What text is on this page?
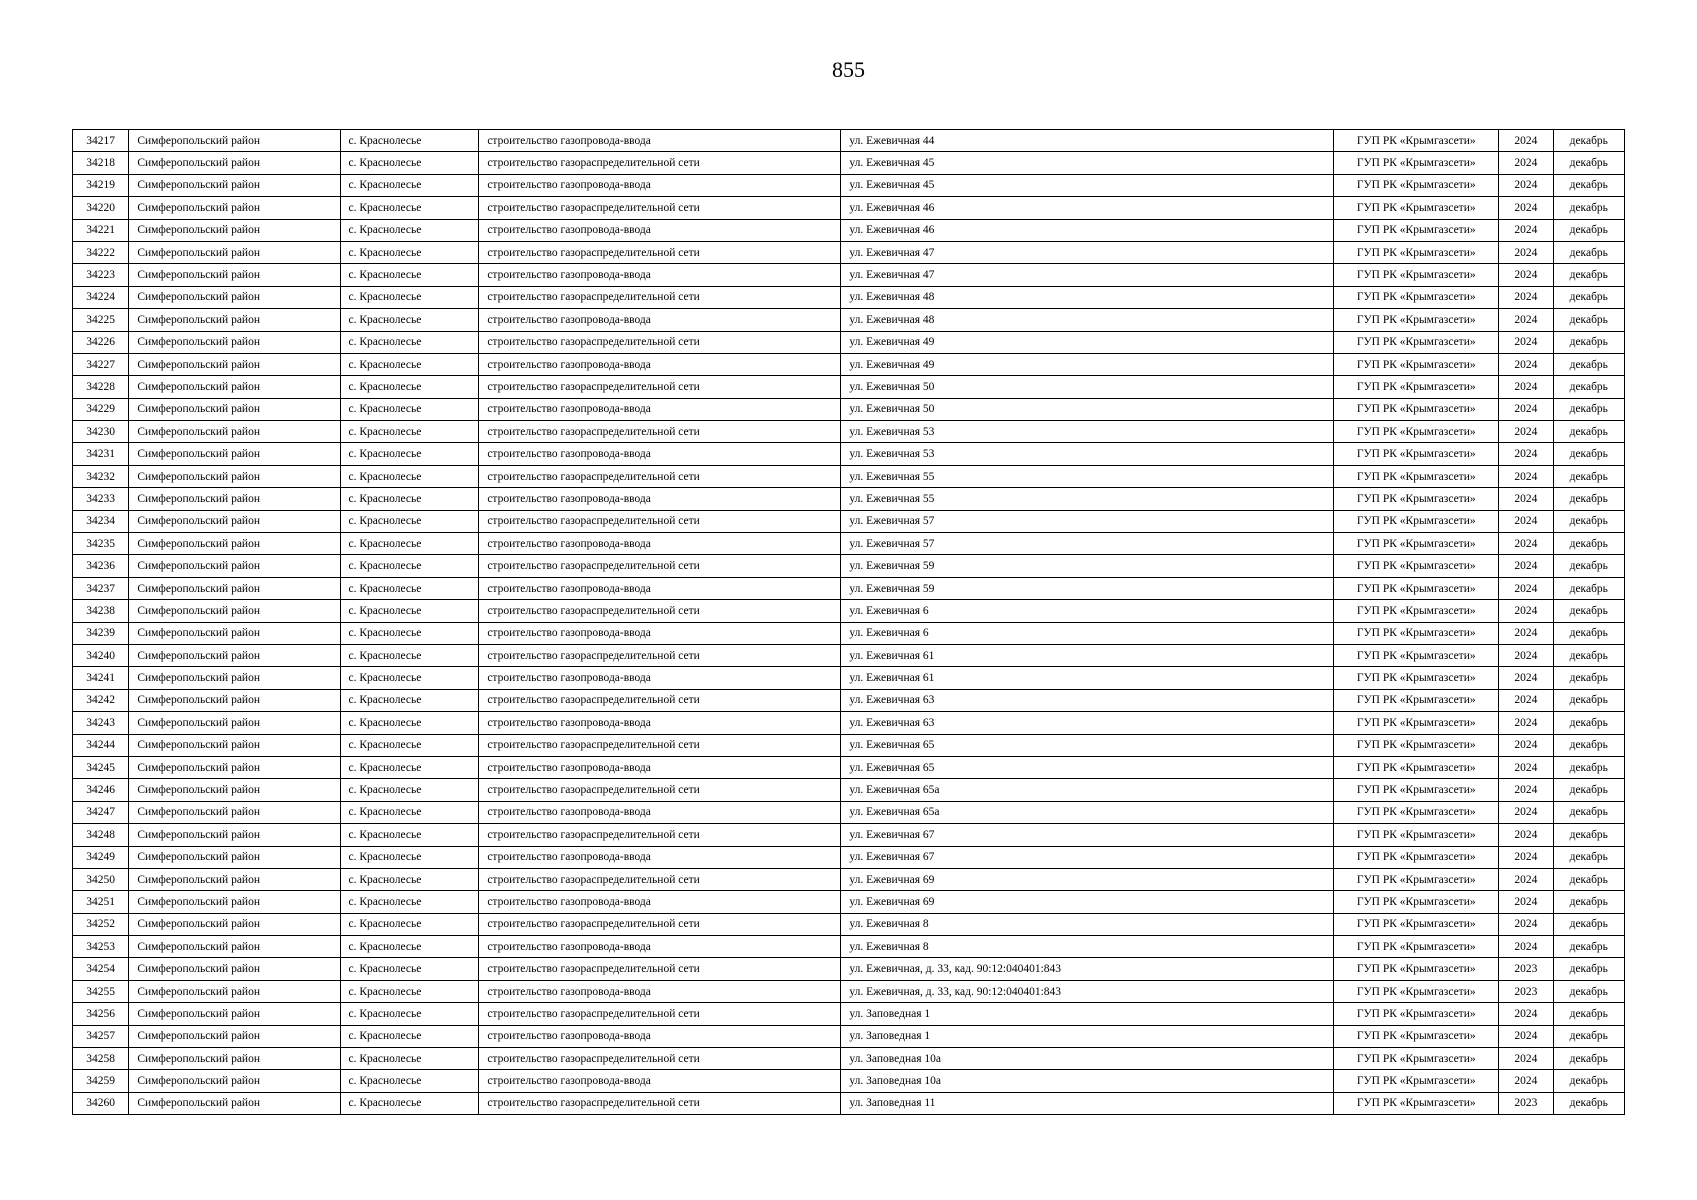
855
34217	Симферопольский район	с. Краснолесье	строительство газопровода-ввода	ул. Ежевичная 44	ГУП РК «Крымгазсети»	2024	декабрь
34218	Симферопольский район	с. Краснолесье	строительство газораспределительной сети	ул. Ежевичная 45	ГУП РК «Крымгазсети»	2024	декабрь
34219	Симферопольский район	с. Краснолесье	строительство газопровода-ввода	ул. Ежевичная 45	ГУП РК «Крымгазсети»	2024	декабрь
34220	Симферопольский район	с. Краснолесье	строительство газораспределительной сети	ул. Ежевичная 46	ГУП РК «Крымгазсети»	2024	декабрь
34221	Симферопольский район	с. Краснолесье	строительство газопровода-ввода	ул. Ежевичная 46	ГУП РК «Крымгазсети»	2024	декабрь
34222	Симферопольский район	с. Краснолесье	строительство газораспределительной сети	ул. Ежевичная 47	ГУП РК «Крымгазсети»	2024	декабрь
34223	Симферопольский район	с. Краснолесье	строительство газопровода-ввода	ул. Ежевичная 47	ГУП РК «Крымгазсети»	2024	декабрь
34224	Симферопольский район	с. Краснолесье	строительство газораспределительной сети	ул. Ежевичная 48	ГУП РК «Крымгазсети»	2024	декабрь
34225	Симферопольский район	с. Краснолесье	строительство газопровода-ввода	ул. Ежевичная 48	ГУП РК «Крымгазсети»	2024	декабрь
34226	Симферопольский район	с. Краснолесье	строительство газораспределительной сети	ул. Ежевичная 49	ГУП РК «Крымгазсети»	2024	декабрь
34227	Симферопольский район	с. Краснолесье	строительство газопровода-ввода	ул. Ежевичная 49	ГУП РК «Крымгазсети»	2024	декабрь
34228	Симферопольский район	с. Краснолесье	строительство газораспределительной сети	ул. Ежевичная 50	ГУП РК «Крымгазсети»	2024	декабрь
34229	Симферопольский район	с. Краснолесье	строительство газопровода-ввода	ул. Ежевичная 50	ГУП РК «Крымгазсети»	2024	декабрь
34230	Симферопольский район	с. Краснолесье	строительство газораспределительной сети	ул. Ежевичная 53	ГУП РК «Крымгазсети»	2024	декабрь
34231	Симферопольский район	с. Краснолесье	строительство газопровода-ввода	ул. Ежевичная 53	ГУП РК «Крымгазсети»	2024	декабрь
34232	Симферопольский район	с. Краснолесье	строительство газораспределительной сети	ул. Ежевичная 55	ГУП РК «Крымгазсети»	2024	декабрь
34233	Симферопольский район	с. Краснолесье	строительство газопровода-ввода	ул. Ежевичная 55	ГУП РК «Крымгазсети»	2024	декабрь
34234	Симферопольский район	с. Краснолесье	строительство газораспределительной сети	ул. Ежевичная 57	ГУП РК «Крымгазсети»	2024	декабрь
34235	Симферопольский район	с. Краснолесье	строительство газопровода-ввода	ул. Ежевичная 57	ГУП РК «Крымгазсети»	2024	декабрь
34236	Симферопольский район	с. Краснолесье	строительство газораспределительной сети	ул. Ежевичная 59	ГУП РК «Крымгазсети»	2024	декабрь
34237	Симферопольский район	с. Краснолесье	строительство газопровода-ввода	ул. Ежевичная 59	ГУП РК «Крымгазсети»	2024	декабрь
34238	Симферопольский район	с. Краснолесье	строительство газораспределительной сети	ул. Ежевичная 6	ГУП РК «Крымгазсети»	2024	декабрь
34239	Симферопольский район	с. Краснолесье	строительство газопровода-ввода	ул. Ежевичная 6	ГУП РК «Крымгазсети»	2024	декабрь
34240	Симферопольский район	с. Краснолесье	строительство газораспределительной сети	ул. Ежевичная 61	ГУП РК «Крымгазсети»	2024	декабрь
34241	Симферопольский район	с. Краснолесье	строительство газопровода-ввода	ул. Ежевичная 61	ГУП РК «Крымгазсети»	2024	декабрь
34242	Симферопольский район	с. Краснолесье	строительство газораспределительной сети	ул. Ежевичная 63	ГУП РК «Крымгазсети»	2024	декабрь
34243	Симферопольский район	с. Краснолесье	строительство газопровода-ввода	ул. Ежевичная 63	ГУП РК «Крымгазсети»	2024	декабрь
34244	Симферопольский район	с. Краснолесье	строительство газораспределительной сети	ул. Ежевичная 65	ГУП РК «Крымгазсети»	2024	декабрь
34245	Симферопольский район	с. Краснолесье	строительство газопровода-ввода	ул. Ежевичная 65	ГУП РК «Крымгазсети»	2024	декабрь
34246	Симферопольский район	с. Краснолесье	строительство газораспределительной сети	ул. Ежевичная 65а	ГУП РК «Крымгазсети»	2024	декабрь
34247	Симферопольский район	с. Краснолесье	строительство газопровода-ввода	ул. Ежевичная 65а	ГУП РК «Крымгазсети»	2024	декабрь
34248	Симферопольский район	с. Краснолесье	строительство газораспределительной сети	ул. Ежевичная 67	ГУП РК «Крымгазсети»	2024	декабрь
34249	Симферопольский район	с. Краснолесье	строительство газопровода-ввода	ул. Ежевичная 67	ГУП РК «Крымгазсети»	2024	декабрь
34250	Симферопольский район	с. Краснолесье	строительство газораспределительной сети	ул. Ежевичная 69	ГУП РК «Крымгазсети»	2024	декабрь
34251	Симферопольский район	с. Краснолесье	строительство газопровода-ввода	ул. Ежевичная 69	ГУП РК «Крымгазсети»	2024	декабрь
34252	Симферопольский район	с. Краснолесье	строительство газораспределительной сети	ул. Ежевичная 8	ГУП РК «Крымгазсети»	2024	декабрь
34253	Симферопольский район	с. Краснолесье	строительство газопровода-ввода	ул. Ежевичная 8	ГУП РК «Крымгазсети»	2024	декабрь
34254	Симферопольский район	с. Краснолесье	строительство газораспределительной сети	ул. Ежевичная, д. 33, кад. 90:12:040401:843	ГУП РК «Крымгазсети»	2023	декабрь
34255	Симферопольский район	с. Краснолесье	строительство газопровода-ввода	ул. Ежевичная, д. 33, кад. 90:12:040401:843	ГУП РК «Крымгазсети»	2023	декабрь
34256	Симферопольский район	с. Краснолесье	строительство газораспределительной сети	ул. Заповедная 1	ГУП РК «Крымгазсети»	2024	декабрь
34257	Симферопольский район	с. Краснолесье	строительство газопровода-ввода	ул. Заповедная 1	ГУП РК «Крымгазсети»	2024	декабрь
34258	Симферопольский район	с. Краснолесье	строительство газораспределительной сети	ул. Заповедная 10а	ГУП РК «Крымгазсети»	2024	декабрь
34259	Симферопольский район	с. Краснолесье	строительство газопровода-ввода	ул. Заповедная 10а	ГУП РК «Крымгазсети»	2024	декабрь
34260	Симферопольский район	с. Краснолесье	строительство газораспределительной сети	ул. Заповедная 11	ГУП РК «Крымгазсети»	2023	декабрь
